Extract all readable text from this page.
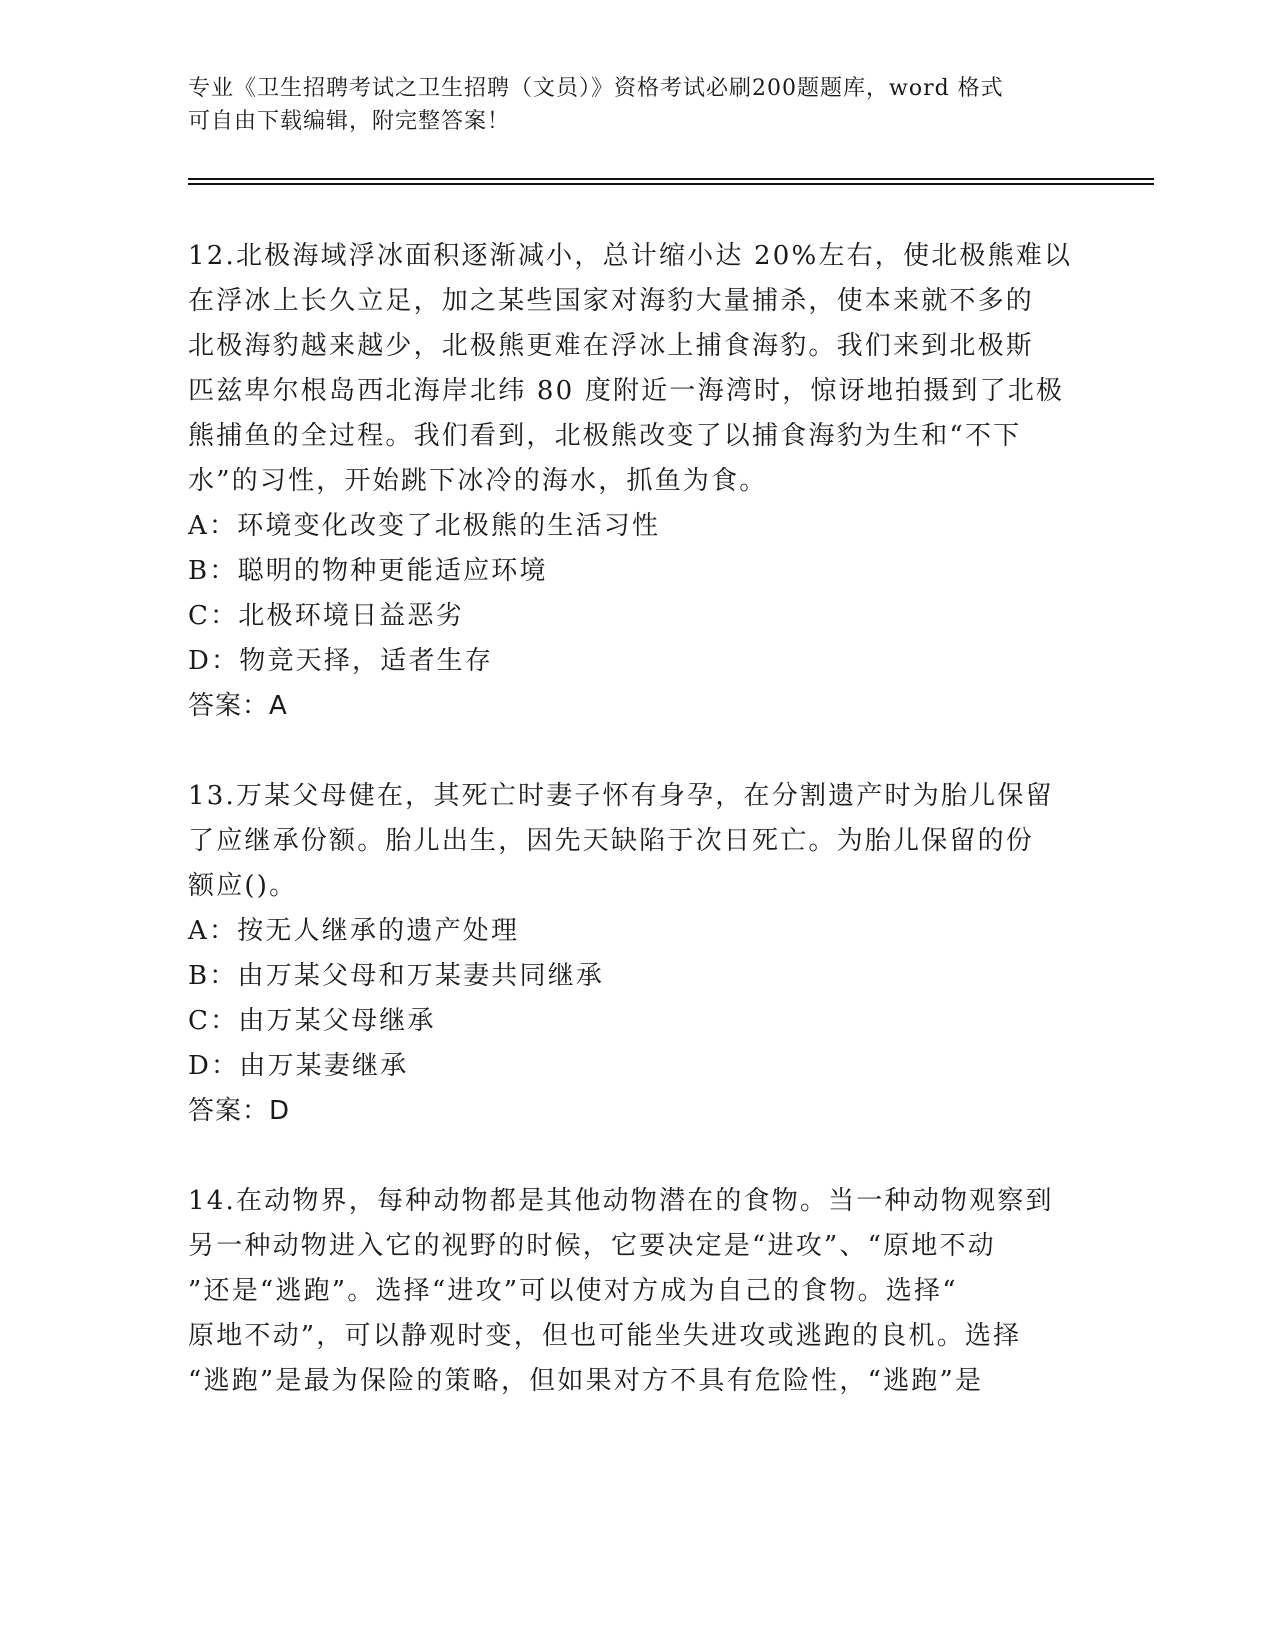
专业《卫生招聘考试之卫生招聘（文员）》资格考试必刷200题题库，word 格式
可自由下载编辑，附完整答案！
12.北极海域浮冰面积逐渐减小，总计缩小达 20%左右，使北极熊难以
在浮冰上长久立足，加之某些国家对海豹大量捕杀，使本来就不多的
北极海豹越来越少，北极熊更难在浮冰上捕食海豹。我们来到北极斯
匹兹卑尔根岛西北海岸北纬 80 度附近一海湾时，惊讶地拍摄到了北极
熊捕鱼的全过程。我们看到，北极熊改变了以捕食海豹为生和“不下
水”的习性，开始跳下冰冷的海水，抓鱼为食。
A：环境变化改变了北极熊的生活习性
B：聪明的物种更能适应环境
C：北极环境日益恶劣
D：物竞天择，适者生存
答案：A
13.万某父母健在，其死亡时妻子怀有身孕，在分割遗产时为胎儿保留
了应继承份额。胎儿出生，因先天缺陷于次日死亡。为胎儿保留的份
额应()。
A：按无人继承的遗产处理
B：由万某父母和万某妻共同继承
C：由万某父母继承
D：由万某妻继承
答案：D
14.在动物界，每种动物都是其他动物潜在的食物。当一种动物观察到
另一种动物进入它的视野的时候，它要决定是“进攻”、“原地不动
”还是“逃跑”。选择“进攻”可以使对方成为自己的食物。选择“
原地不动”，可以静观时变，但也可能坐失进攻或逃跑的良机。选择
“逃跑”是最为保险的策略，但如果对方不具有危险性，“逃跑”是
